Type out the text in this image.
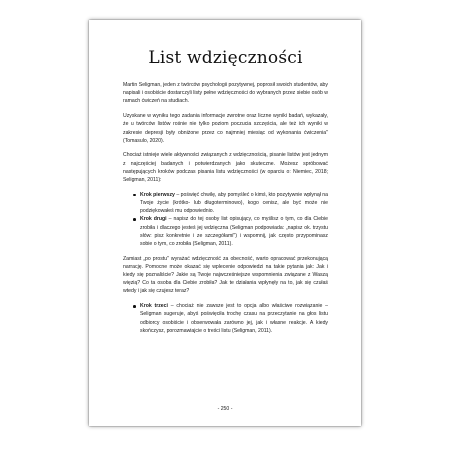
List wdzięczności

Martin Seligman, jeden z twórców psychologii pozytywnej, poprosił swoich studentów, aby napisali i osobiście dostarczyli listy pełne wdzięczności do wybranych przez siebie osób w ramach ćwiczeń na studiach.

Uzyskane w wyniku tego zadania informacje zwrotne oraz liczne wyniki badań, wykazały, że u twórców listów rośnie nie tylko poziom poczucia szczęścia, ale też ich wyniki w zakresie depresji były obniżone przez co najmniej miesiąc od wykonania ćwiczenia" (Tomasulo, 2020).

Chociaż istnieje wiele aktywności związanych z wdzięcznością, pisanie listów jest jednym z najczęściej badanych i potwierdzanych jako skuteczne. Możesz spróbować następujących kroków podczas pisania listu wdzięczności (w oparciu o: Niemiec, 2018; Seligman, 2011):

Krok pierwszy – poświęć chwilę, aby pomyśleć o kimś, kto pozytywnie wpłynął na Twoje życie (krótko- lub długoterminowo), kogo cenisz, ale być może nie podziękowałeś mu odpowiednio.
Krok drugi – napisz do tej osoby list opisujący, co myślisz o tym, co dla Ciebie zrobiła i dlaczego jesteś jej wdzięczna (Seligman podpowiada: „napisz ok. trzystu słów: pisz konkretnie i ze szczegółami") i wspomnij, jak często przypominasz sobie o tym, co zrobiła (Seligman, 2011).

Zamiast „po prostu" wyrażać wdzięczność za obecność, warto opracować przekonującą narrację. Pomocne może okazać się wplecenie odpowiedzi na takie pytania jak: Jak i kiedy się poznaliście? Jakie są Twoje najwcześniejsze wspomnienia związane z Waszą więzią? Co ta osoba dla Ciebie zrobiła? Jak te działania wpłynęły na to, jak się czułaś wtedy i jak się czujesz teraz?

Krok trzeci – chociaż nie zawsze jest to opcja albo właściwe rozwiązanie – Seligman sugeruje, abyś poświęciła trochę czasu na przeczytanie na głos listu odbiorcy osobiście i obserwowała zarówno jej, jak i własne reakcje. A kiedy skończysz, porozmawiajcie o treści listu (Seligman, 2011).
- 250 -
